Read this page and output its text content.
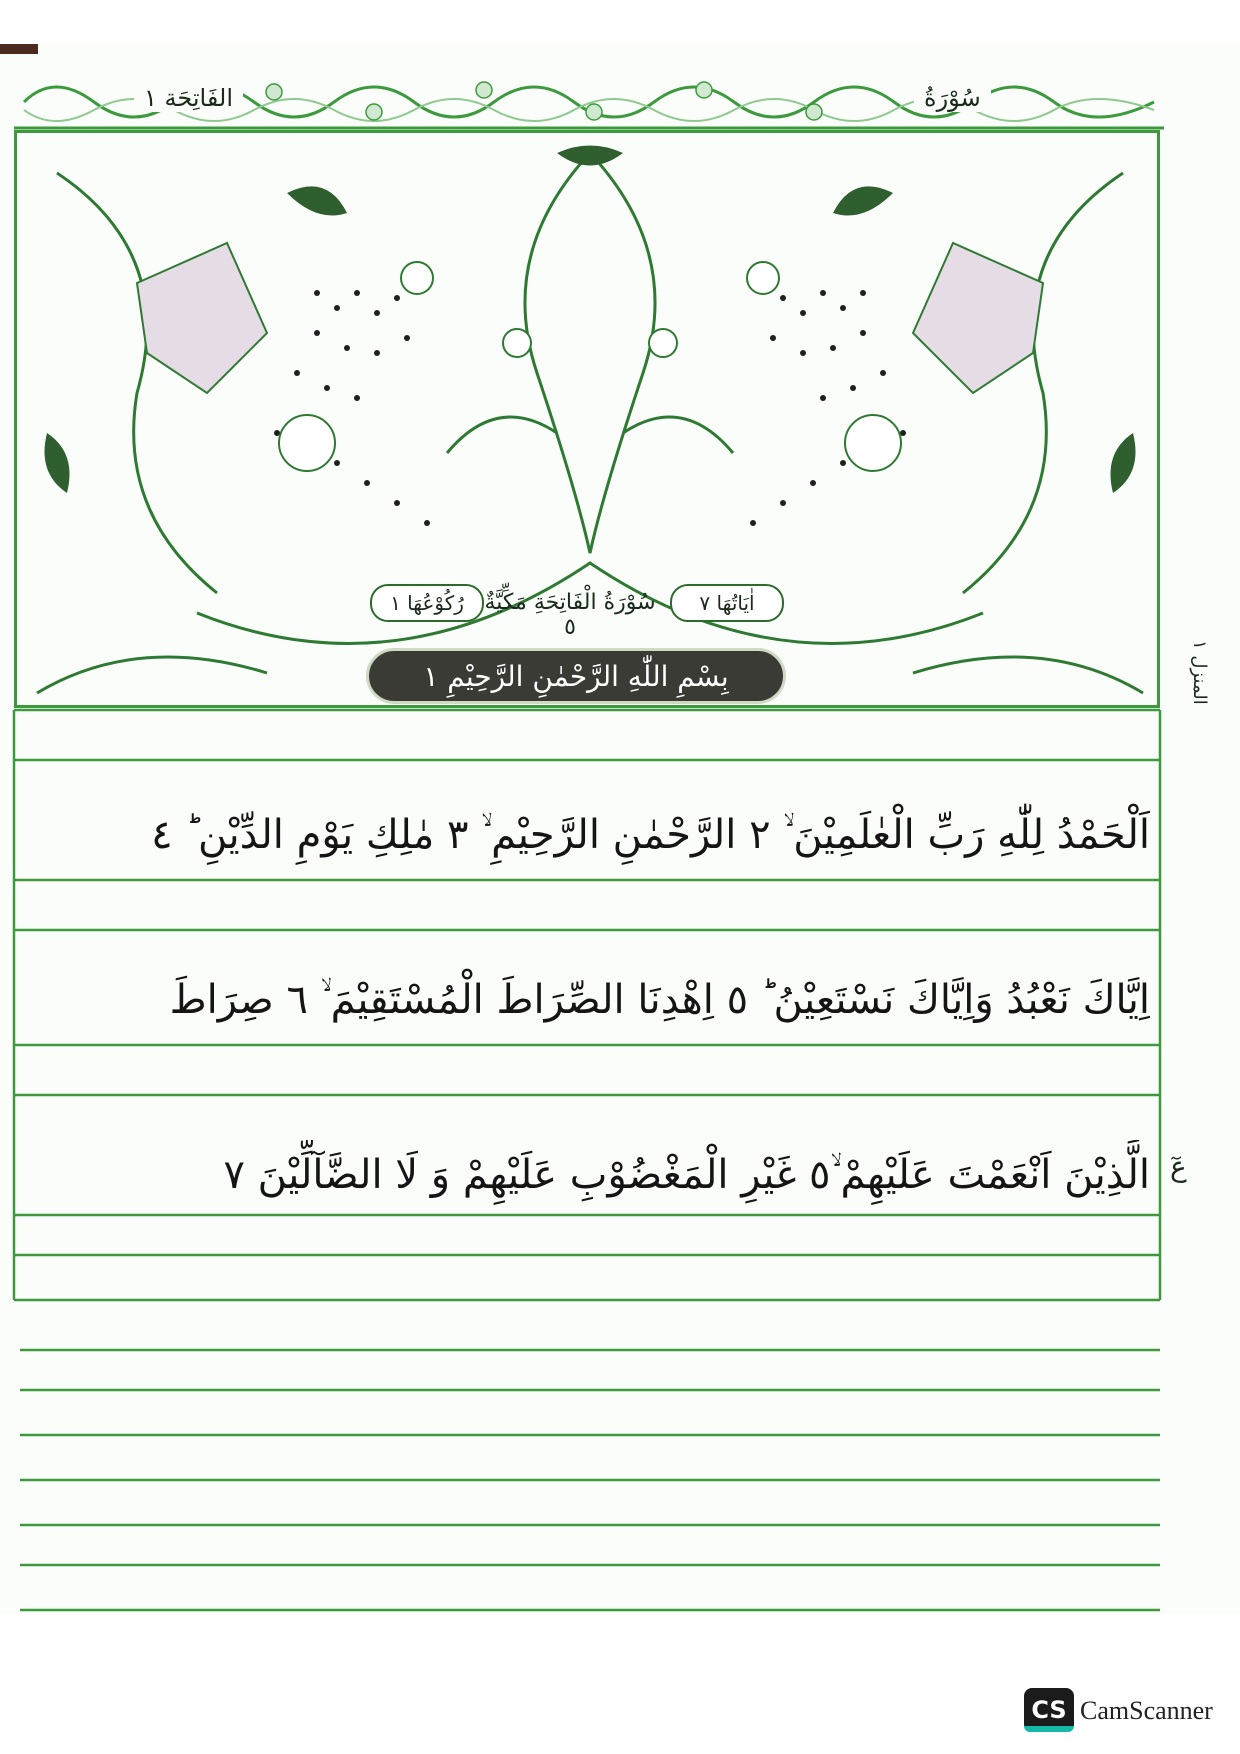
سُوْرَةُ
الفَاتِحَة ١
اٰيَاتُهَا ٧
سُوْرَةُ الْفَاتِحَةِ مَكِّيَّةٌ ٥
رُكُوْعُهَا ١
بِسْمِ اللّٰهِ الرَّحْمٰنِ الرَّحِيْمِ ١
المنزل ١
عٓ
اَلْحَمْدُ لِلّٰهِ رَبِّ الْعٰلَمِيْنَ ۙ ٢ الرَّحْمٰنِ الرَّحِيْمِ ۙ ٣ مٰلِكِ يَوْمِ الدِّيْنِ ؕ ٤
اِيَّاكَ نَعْبُدُ وَاِيَّاكَ نَسْتَعِيْنُ ؕ ٥ اِهْدِنَا الصِّرَاطَ الْمُسْتَقِيْمَ ۙ ٦ صِرَاطَ
الَّذِيْنَ اَنْعَمْتَ عَلَيْهِمْ ۙ٥ غَيْرِ الْمَغْضُوْبِ عَلَيْهِمْ وَ لَا الضَّآلِّيْنَ ٧
CS CamScanner
